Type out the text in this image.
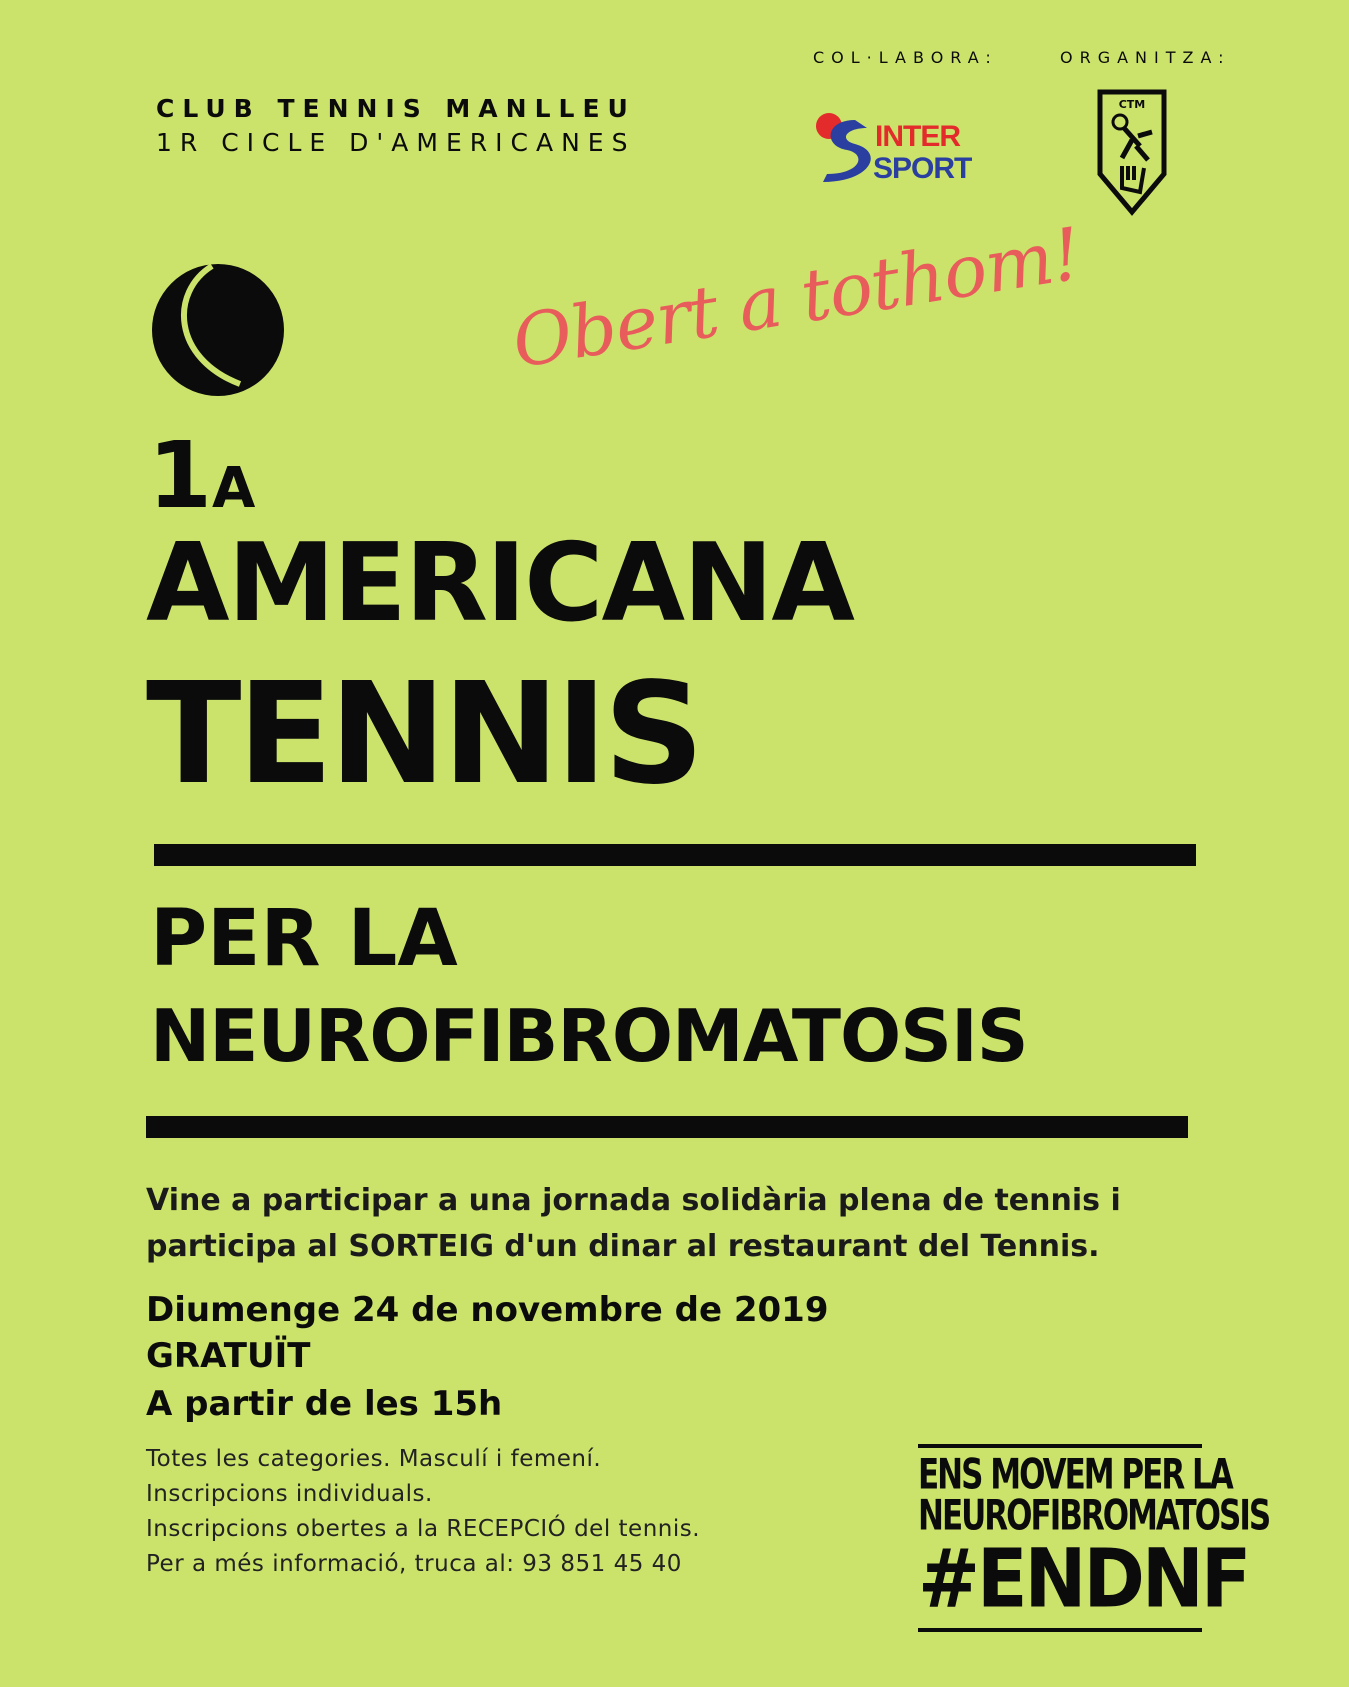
CLUB TENNIS MANLLEU
1R CICLE D'AMERICANES
COL·LABORA:	ORGANITZA:
INTER
SPORT
CTM
Obert a tothom!
1A
AMERICANA
TENNIS
PER LA
NEUROFIBROMATOSIS
Vine a participar a una jornada solidària plena de tennis i participa al SORTEIG d'un dinar al restaurant del Tennis.
Diumenge 24 de novembre de 2019
GRATUÏT
A partir de les 15h
Totes les categories. Masculí i femení.
Inscripcions individuals.
Inscripcions obertes a la RECEPCIÓ del tennis.
Per a més informació, truca al: 93 851 45 40
ENS MOVEM PER LA
NEUROFIBROMATOSIS
#ENDNF
